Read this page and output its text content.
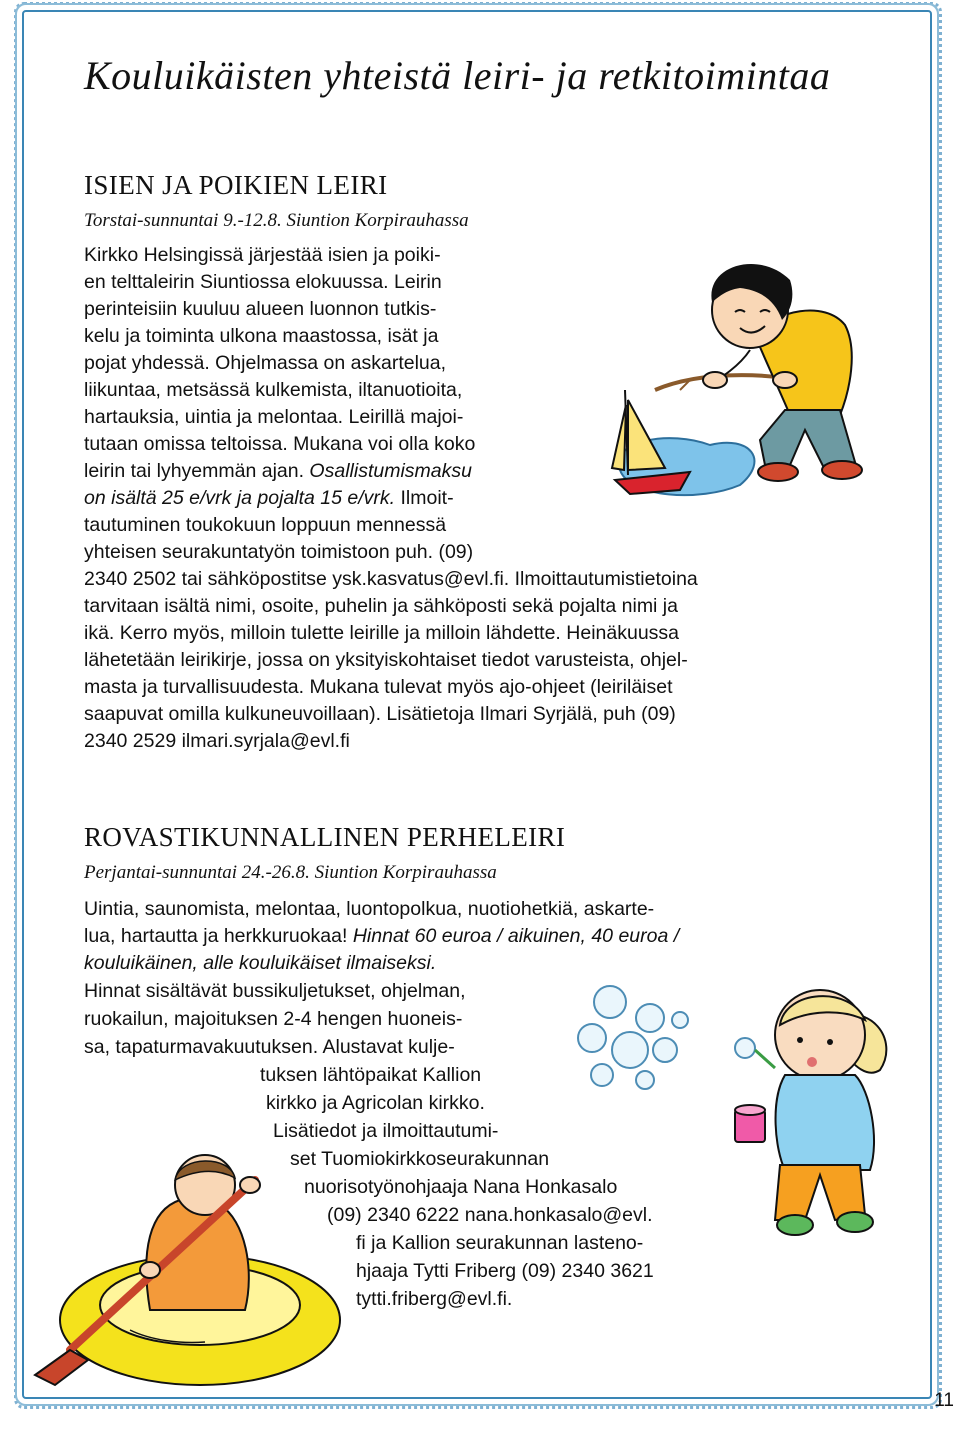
Kouluikäisten yhteistä leiri- ja retkitoimintaa
ISIEN JA POIKIEN LEIRI

Torstai-sunnuntai 9.-12.8. Siuntion Korpirauhassa

Kirkko Helsingissä järjestää isien ja poiki-

en telttaleirin Siuntiossa elokuussa. Leirin

perinteisiin kuuluu alueen luonnon tutkis-

kelu ja toiminta ulkona maastossa, isät ja

pojat yhdessä. Ohjelmassa on askartelua,

liikuntaa, metsässä kulkemista, iltanuotioita,

hartauksia, uintia ja melontaa. Leirillä majoi-

tutaan omissa teltoissa. Mukana voi olla koko

leirin tai lyhyemmän ajan. Osallistumismaksu

on isältä 25 e/vrk ja pojalta 15 e/vrk. Ilmoit-

tautuminen toukokuun loppuun mennessä

yhteisen seurakuntatyön toimistoon puh. (09)

2340 2502 tai sähköpostitse ysk.kasvatus@evl.fi. Ilmoittautumistietoina

tarvitaan isältä nimi, osoite, puhelin ja sähköposti sekä pojalta nimi ja

ikä. Kerro myös, milloin tulette leirille ja milloin lähdette. Heinäkuussa

lähetetään leirikirje, jossa on yksityiskohtaiset tiedot varusteista, ohjel-

masta ja turvallisuudesta. Mukana tulevat myös ajo-ohjeet (leiriläiset

saapuvat omilla kulkuneuvoillaan). Lisätietoja Ilmari Syrjälä, puh (09)

2340 2529 ilmari.syrjala@evl.fi

ROVASTIKUNNALLINEN PERHELEIRI

Perjantai-sunnuntai 24.-26.8. Siuntion Korpirauhassa

Uintia, saunomista, melontaa, luontopolkua, nuotiohetkiä, askarte-

lua, hartautta ja herkkuruokaa! Hinnat 60 euroa / aikuinen, 40 euroa /

kouluikäinen, alle kouluikäiset ilmaiseksi.

Hinnat sisältävät bussikuljetukset, ohjelman,

ruokailun, majoituksen 2-4 hengen huoneis-

sa, tapaturmavakuutuksen. Alustavat kulje-

tuksen lähtöpaikat Kallion

kirkko ja Agricolan kirkko.

Lisätiedot ja ilmoittautumi-

set Tuomiokirkkoseurakunnan

nuorisotyönohjaaja Nana Honkasalo

(09) 2340 6222 nana.honkasalo@evl.

fi ja Kallion seurakunnan lasteno-

hjaaja Tytti Friberg (09) 2340 3621

tytti.friberg@evl.fi.

11
